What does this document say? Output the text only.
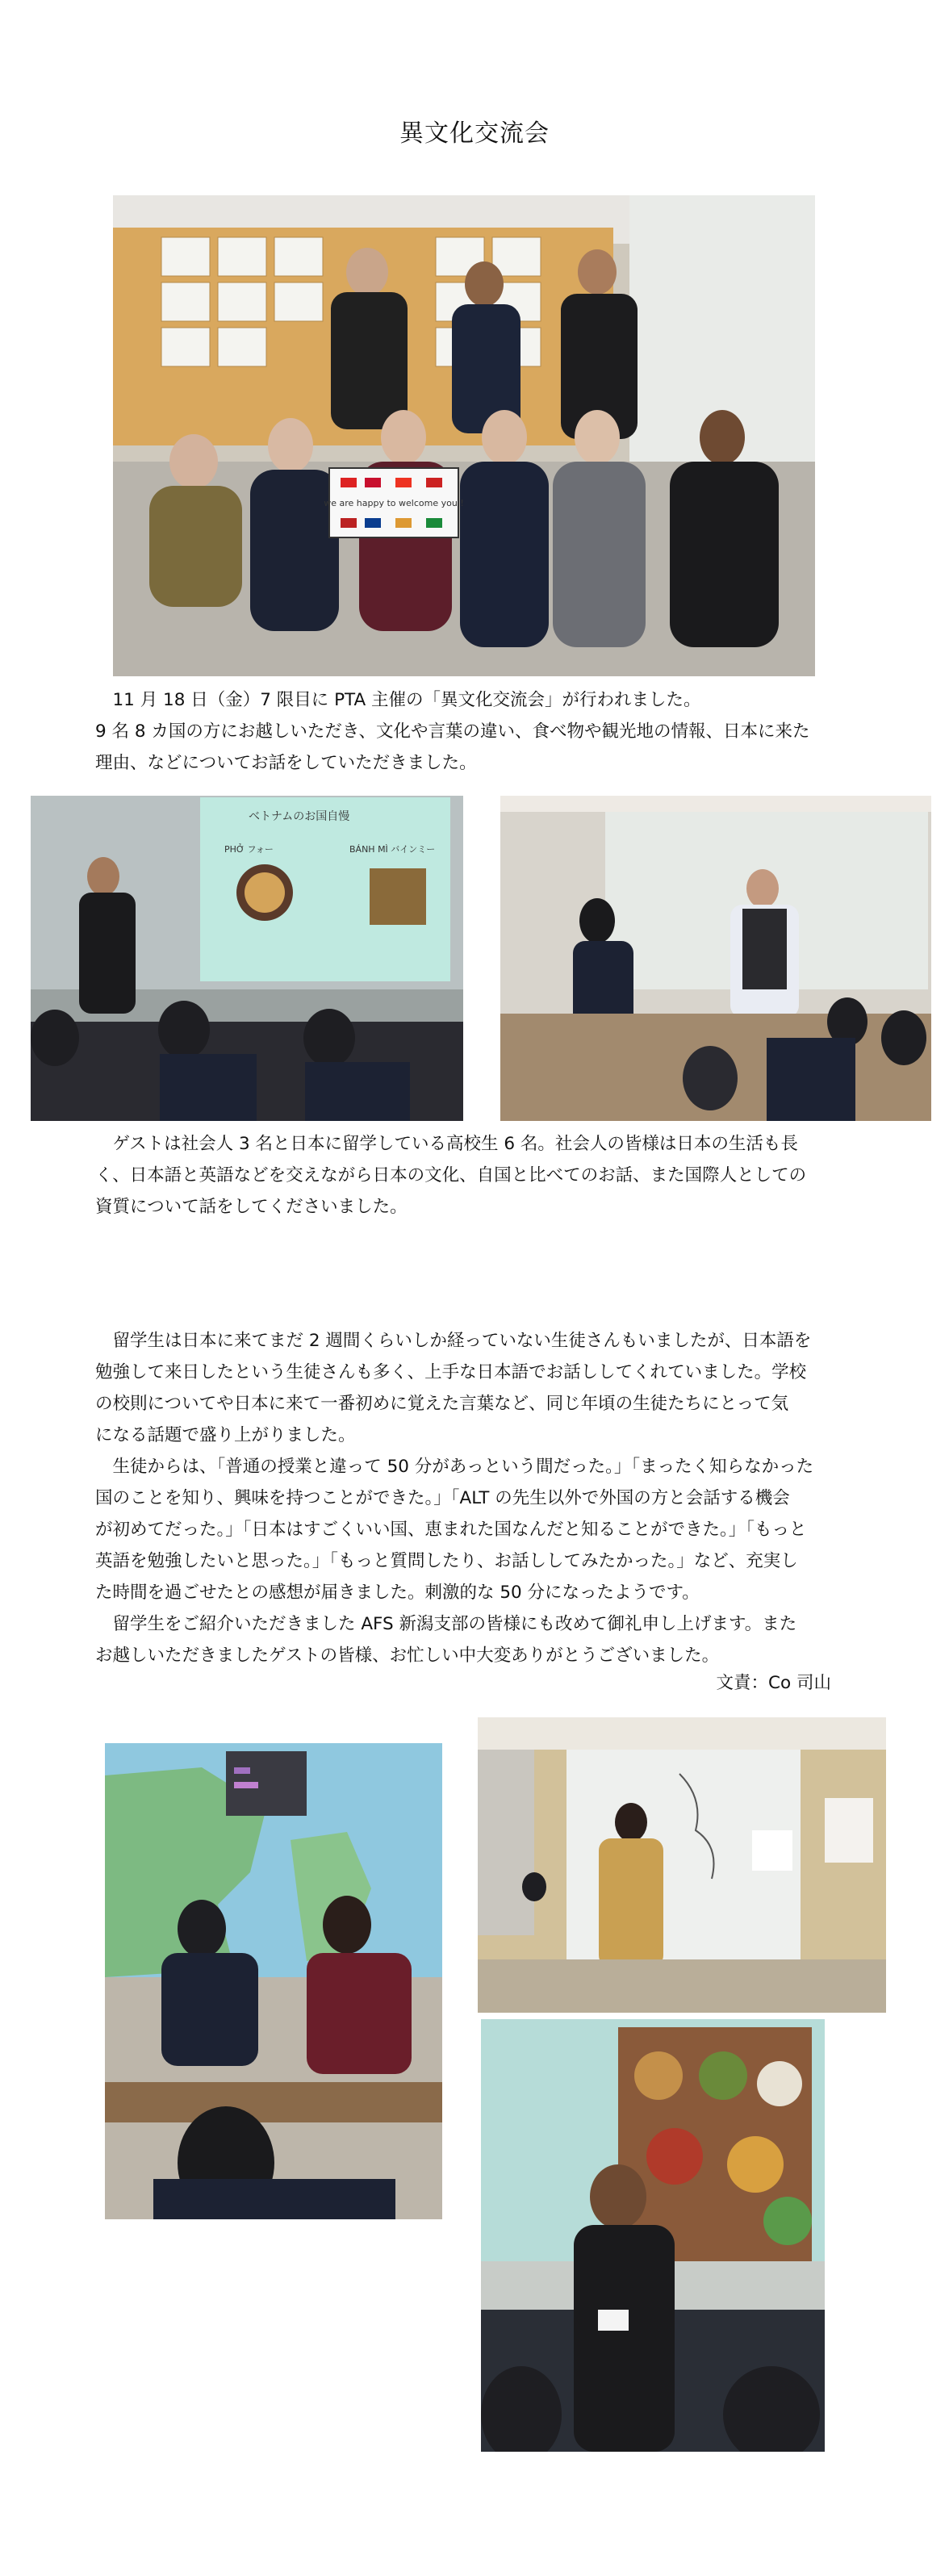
異文化交流会
we are happy to welcome you !
　11 月 18 日（金）7 限目に PTA 主催の「異文化交流会」が行われました。
9 名 8 カ国の方にお越しいただき、文化や言葉の違い、食べ物や観光地の情報、日本に来た
理由、などについてお話をしていただきました。
ベトナムのお国自慢
PHỞ フォー	BÁNH MÌ バインミー
　ゲストは社会人 3 名と日本に留学している高校生 6 名。社会人の皆様は日本の生活も長
く、日本語と英語などを交えながら日本の文化、自国と比べてのお話、また国際人としての
資質について話をしてくださいました。
　留学生は日本に来てまだ 2 週間くらいしか経っていない生徒さんもいましたが、日本語を
勉強して来日したという生徒さんも多く、上手な日本語でお話ししてくれていました。学校
の校則についてや日本に来て一番初めに覚えた言葉など、同じ年頃の生徒たちにとって気
になる話題で盛り上がりました。
　生徒からは、「普通の授業と違って 50 分があっという間だった。」「まったく知らなかった
国のことを知り、興味を持つことができた。」「ALT の先生以外で外国の方と会話する機会
が初めてだった。」「日本はすごくいい国、恵まれた国なんだと知ることができた。」「もっと
英語を勉強したいと思った。」「もっと質問したり、お話ししてみたかった。」など、充実し
た時間を過ごせたとの感想が届きました。刺激的な 50 分になったようです。
　留学生をご紹介いただきました AFS 新潟支部の皆様にも改めて御礼申し上げます。また
お越しいただきましたゲストの皆様、お忙しい中大変ありがとうございました。
文責：Co 司山
